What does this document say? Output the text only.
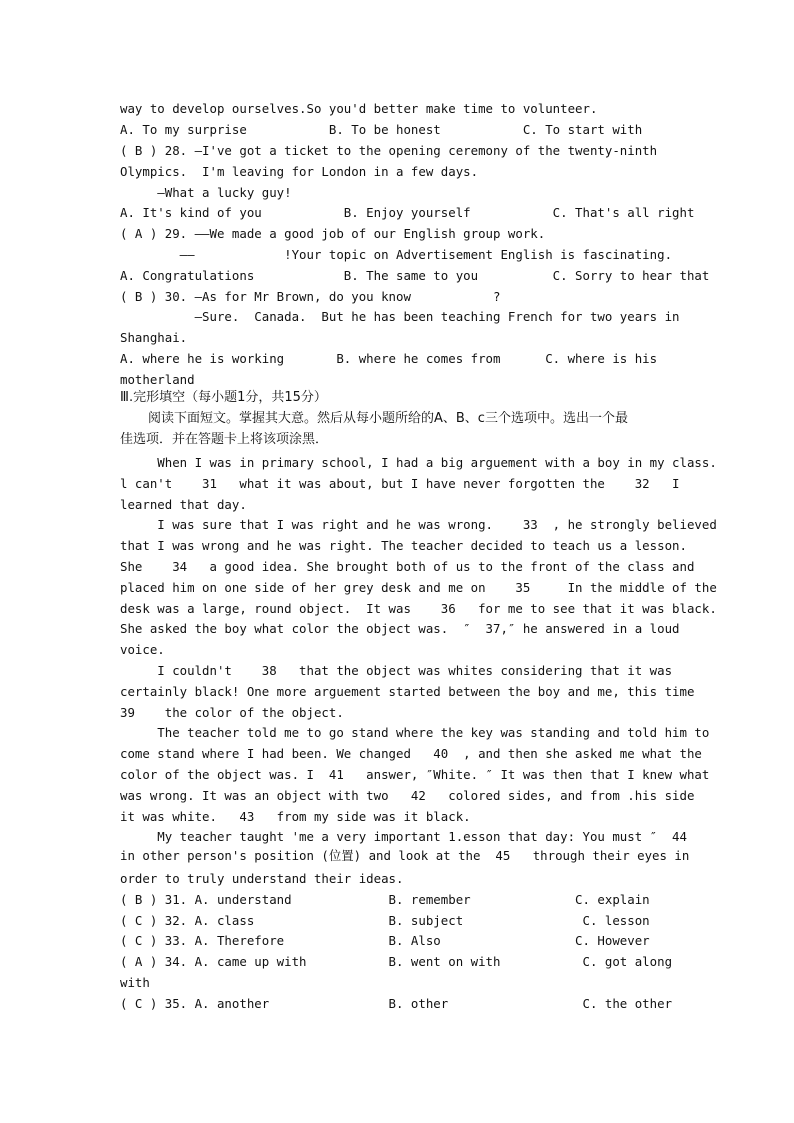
way to develop ourselves.So you'd better make time to volunteer.
A. To my surprise           B. To be honest           C. To start with
( B ) 28. —I've got a ticket to the opening ceremony of the twenty-ninth
Olympics.  I'm leaving for London in a few days.
—What a lucky guy!
A. It's kind of you           B. Enjoy yourself           C. That's all right
( A ) 29. ——We made a good job of our English group work.
——            !Your topic on Advertisement English is fascinating.
A. Congratulations            B. The same to you          C. Sorry to hear that
( B ) 30. —As for Mr Brown, do you know           ?
—Sure.  Canada.  But he has been teaching French for two years in
Shanghai.
A. where he is working       B. where he comes from      C. where is his
motherland
Ⅲ.完形填空（每小题1分，共15分）
阅读下面短文。掌握其大意。然后从每小题所给的A、B、c三个选项中。选出一个最
佳选项．并在答题卡上将该项涂黑．
When I was in primary school, I had a big arguement with a boy in my class.
l can't    31   what it was about, but I have never forgotten the    32   I
learned that day.
I was sure that I was right and he was wrong.    33  , he strongly believed
that I was wrong and he was right. The teacher decided to teach us a lesson.
She    34   a good idea. She brought both of us to the front of the class and
placed him on one side of her grey desk and me on    35     In the middle of the
desk was a large, round object.  It was    36   for me to see that it was black.
She asked the boy what color the object was.  ″  37,″ he answered in a loud
voice.
I couldn't    38   that the object was whites considering that it was
certainly black! One more arguement started between the boy and me, this time
39    the color of the object.
The teacher told me to go stand where the key was standing and told him to
come stand where I had been. We changed   40  , and then she asked me what the
color of the object was. I  41   answer, ″White. ″ It was then that I knew what
was wrong. It was an object with two   42   colored sides, and from .his side
it was white.   43   from my side was it black.
My teacher taught 'me a very important 1.esson that day: You must ″  44
in other person's position (位置) and look at the  45   through their eyes in
order to truly understand their ideas.
( B ) 31. A. understand             B. remember              C. explain
( C ) 32. A. class                  B. subject                C. lesson
( C ) 33. A. Therefore              B. Also                  C. However
( A ) 34. A. came up with           B. went on with           C. got along
with
( C ) 35. A. another                B. other                  C. the other
